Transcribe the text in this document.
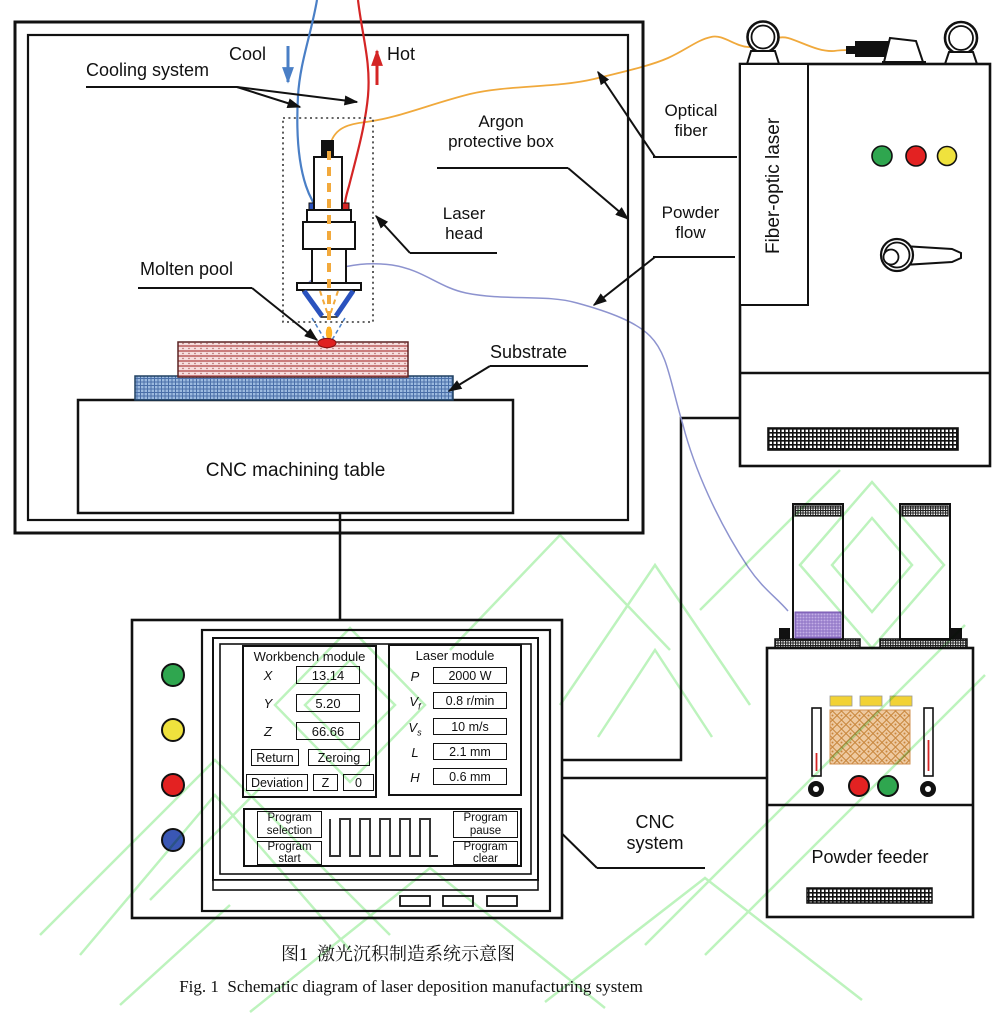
Cooling system
Cool	Hot
Argon
protective box
Optical
fiber
Laser
head
Powder
flow
Molten pool
Substrate
CNC machining table
CNC
system
Fiber-optic laser
Powder feeder
Workbench module
X	13.14
Y	5.20
Z	66.66
Return	Zeroing
Deviation	Z	0
Laser module
P	2000 W
$V_f$	0.8 r/min
$V_s$	10 m/s
L	2.1 mm
H	0.6 mm
Program
selection
Program
start
Program
pause
Program
clear
图1  激光沉积制造系统示意图
Fig. 1  Schematic diagram of laser deposition manufacturing system
